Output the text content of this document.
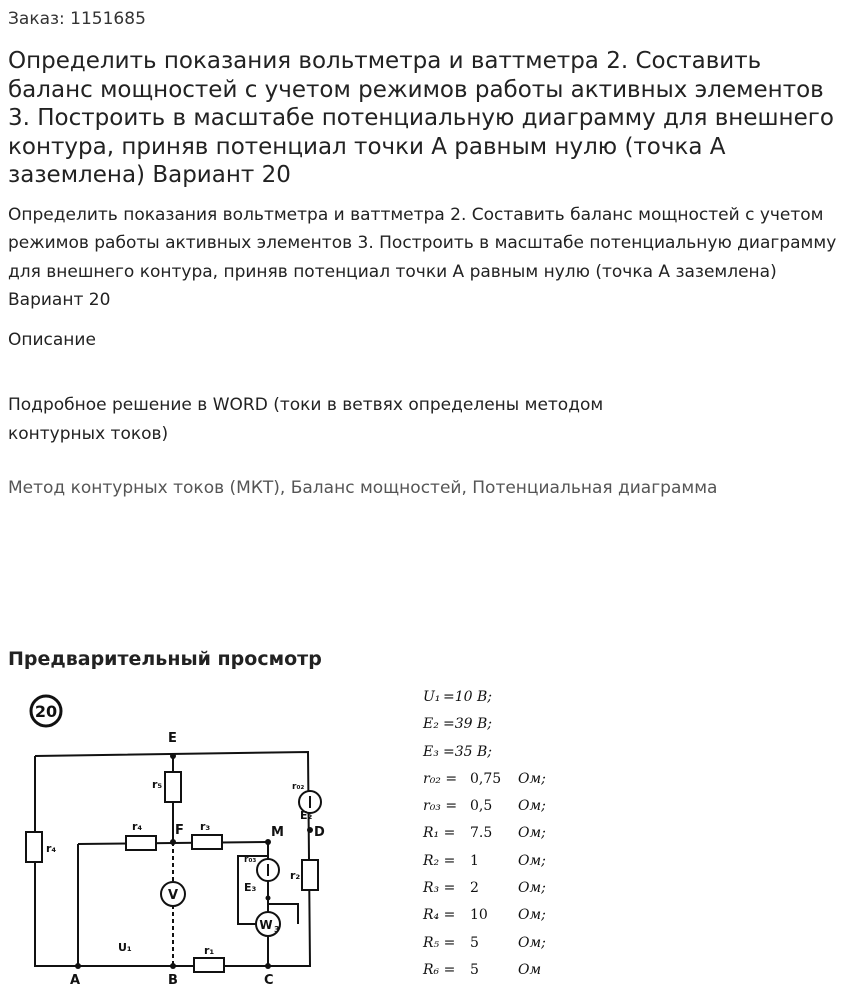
Заказ: 1151685
Определить показания вольтметра и ваттметра 2. Составить баланс мощностей с учетом режимов работы активных элементов 3. Построить в масштабе потенциальную диаграмму для внешнего контура, приняв потенциал точки А равным нулю (точка А заземлена) Вариант 20
Определить показания вольтметра и ваттметра 2. Составить баланс мощностей с учетом режимов работы активных элементов 3. Построить в масштабе потенциальную диаграмму для внешнего контура, приняв потенциал точки А равным нулю (точка А заземлена) Вариант 20
Описание
Подробное решение в WORD (токи в ветвях определены методом контурных токов)
Метод контурных токов (МКТ), Баланс мощностей, Потенциальная диаграмма
Предварительный просмотр
20
E
F	M D
A	B	C
V
W 3
U₁
E₂
E₃
r₅
r₄	r₃
r₄
r₂
r₁
r₀₂
r₀₃
U₁ =10 В;
E₂ =39 В;
E₃ =35 В;
r₀₂ = 0,75 Ом;
r₀₃ = 0,5 Ом;
R₁ = 7.5 Ом;
R₂ = 1	Ом;
R₃ = 2	Ом;
R₄ = 10 Ом;
R₅ = 5	Ом;
R₆ = 5	Ом
